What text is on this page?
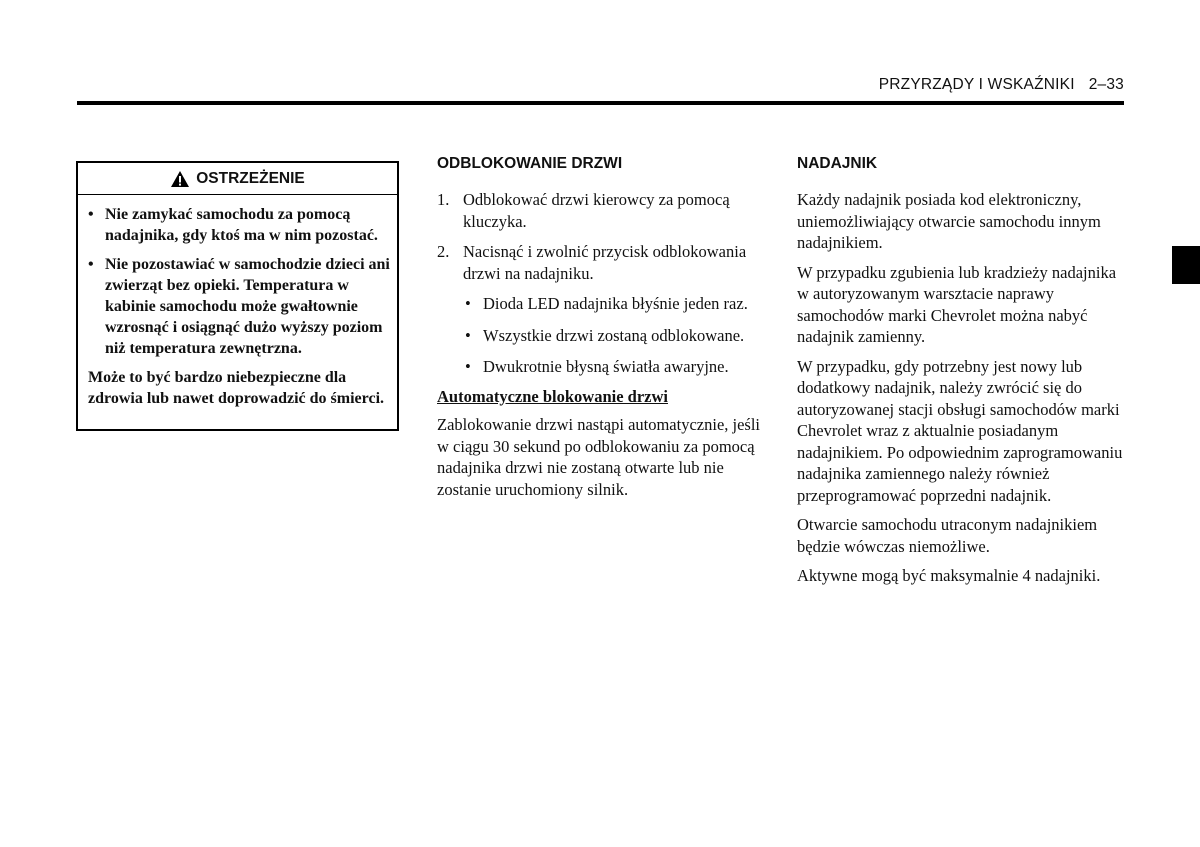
PRZYRZĄDY I WSKAŹNIKI 2–33
OSTRZEŻENIE
• Nie zamykać samochodu za pomocą nadajnika, gdy ktoś ma w nim pozostać.
• Nie pozostawiać w samochodzie dzieci ani zwierząt bez opieki. Temperatura w kabinie samochodu może gwałtownie wzrosnąć i osiągnąć dużo wyższy poziom niż temperatura zewnętrzna.
Może to być bardzo niebezpieczne dla zdrowia lub nawet doprowadzić do śmierci.
ODBLOKOWANIE DRZWI
1. Odblokować drzwi kierowcy za pomocą kluczyka.
2. Nacisnąć i zwolnić przycisk odblokowania drzwi na nadajniku.
• Dioda LED nadajnika błyśnie jeden raz.
• Wszystkie drzwi zostaną odblokowane.
• Dwukrotnie błysną światła awaryjne.
Automatyczne blokowanie drzwi

Zablokowanie drzwi nastąpi automatycznie, jeśli w ciągu 30 sekund po odblokowaniu za pomocą nadajnika drzwi nie zostaną otwarte lub nie zostanie uruchomiony silnik.

NADAJNIK

Każdy nadajnik posiada kod elektroniczny, uniemożliwiający otwarcie samochodu innym nadajnikiem.

W przypadku zgubienia lub kradzieży nadajnika w autoryzowanym warsztacie naprawy samochodów marki Chevrolet można nabyć nadajnik zamienny.

W przypadku, gdy potrzebny jest nowy lub dodatkowy nadajnik, należy zwrócić się do autoryzowanej stacji obsługi samochodów marki Chevrolet wraz z aktualnie posiadanym nadajnikiem. Po odpowiednim zaprogramowaniu nadajnika zamiennego należy również przeprogramować poprzedni nadajnik.

Otwarcie samochodu utraconym nadajnikiem będzie wówczas niemożliwe.

Aktywne mogą być maksymalnie 4 nadajniki.
